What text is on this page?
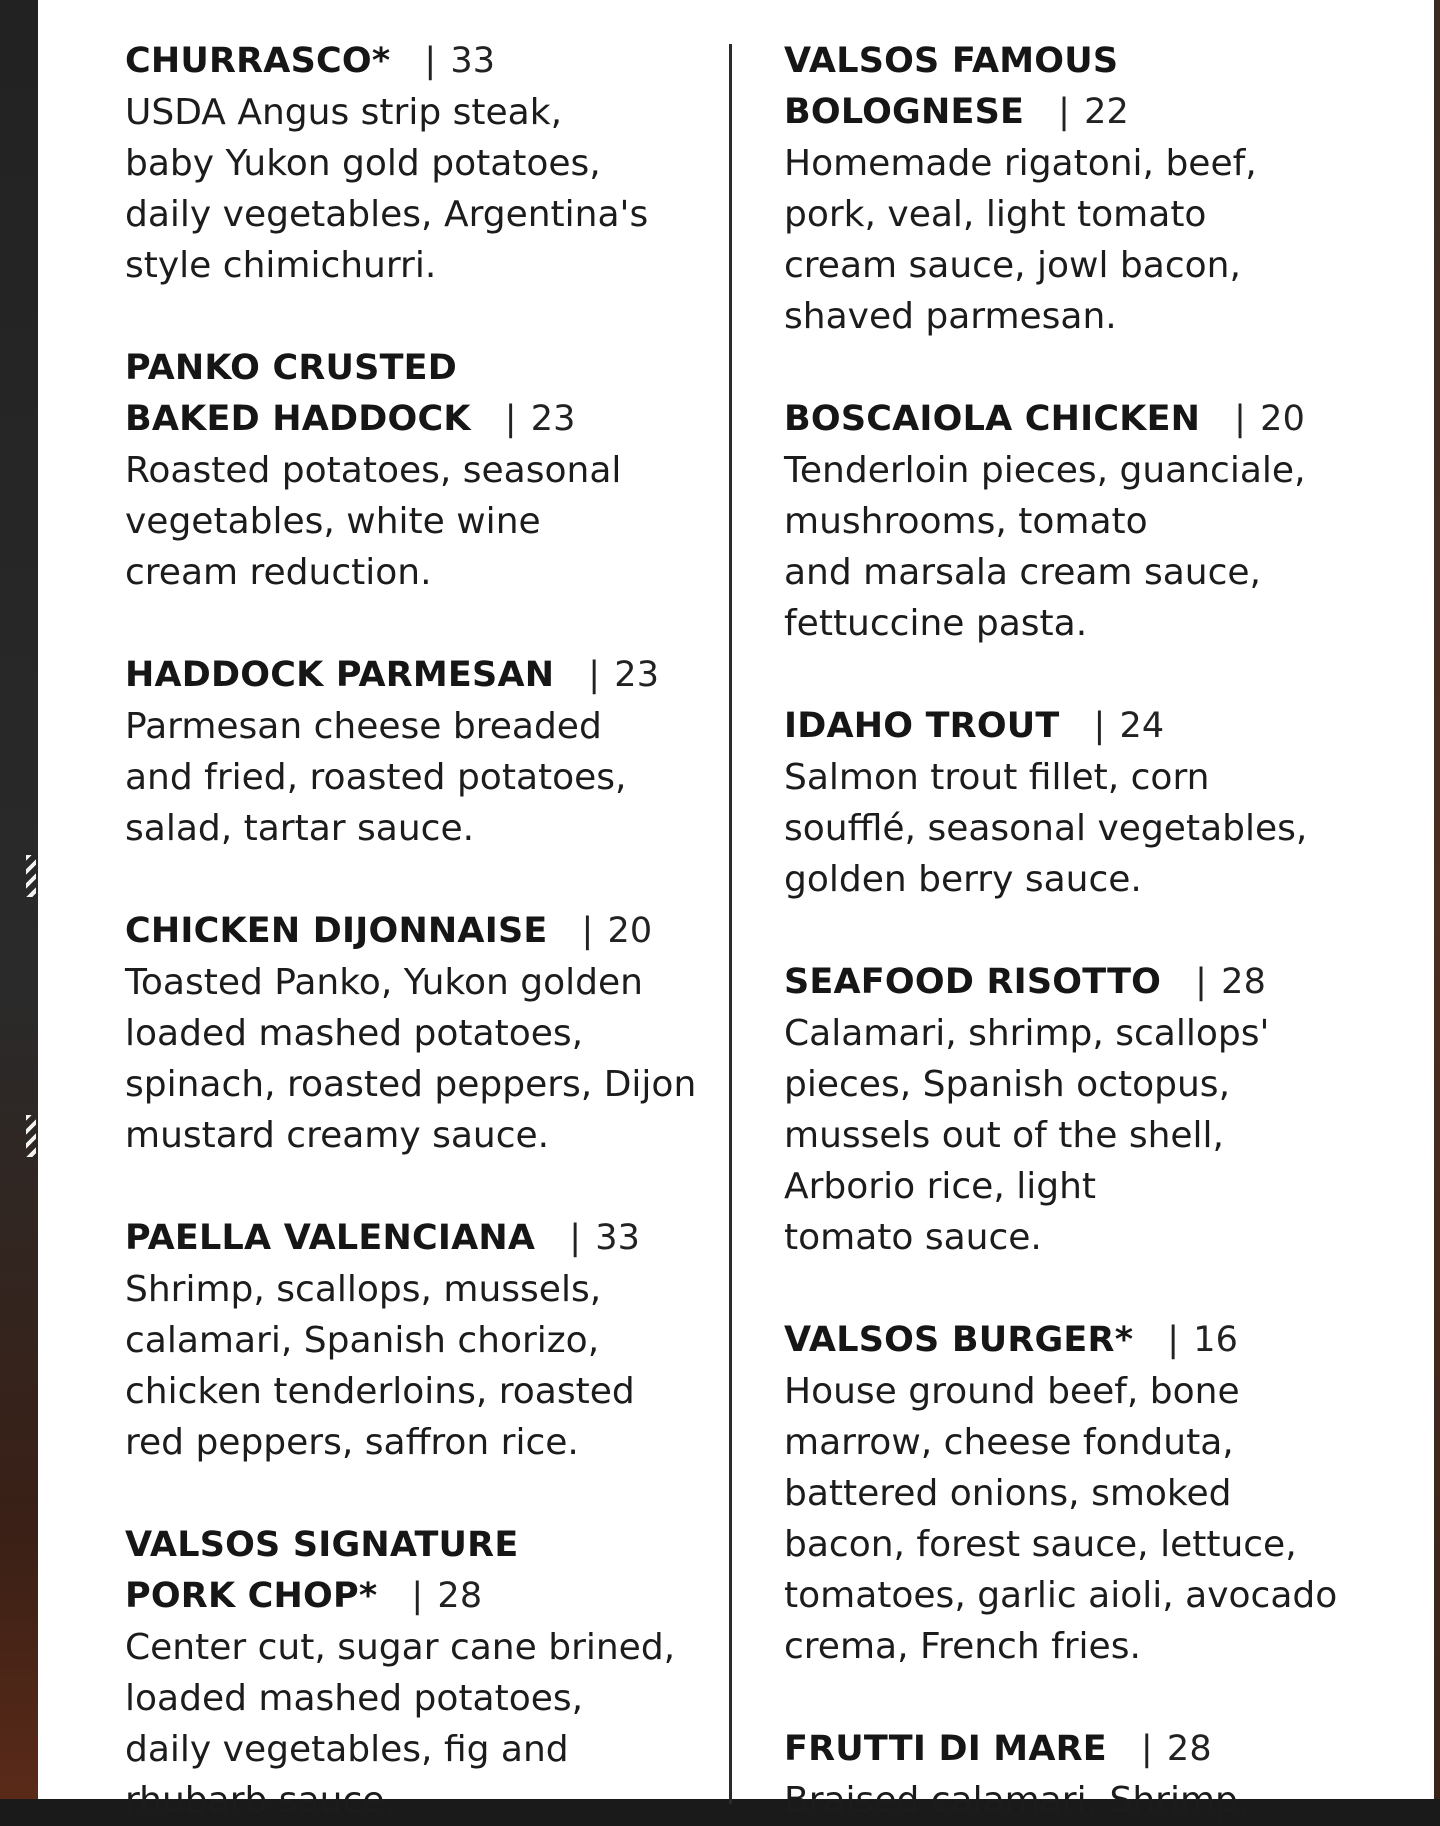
CHURRASCO* | 33
USDA Angus strip steak,
baby Yukon gold potatoes,
daily vegetables, Argentina's
style chimichurri.
PANKO CRUSTED
BAKED HADDOCK | 23
Roasted potatoes, seasonal
vegetables, white wine
cream reduction.
HADDOCK PARMESAN | 23
Parmesan cheese breaded
and fried, roasted potatoes,
salad, tartar sauce.
CHICKEN DIJONNAISE | 20
Toasted Panko, Yukon golden
loaded mashed potatoes,
spinach, roasted peppers, Dijon
mustard creamy sauce.
PAELLA VALENCIANA | 33
Shrimp, scallops, mussels,
calamari, Spanish chorizo,
chicken tenderloins, roasted
red peppers, saffron rice.
VALSOS SIGNATURE
PORK CHOP* | 28
Center cut, sugar cane brined,
loaded mashed potatoes,
daily vegetables, fig and
rhubarb sauce.
VALSOS FAMOUS
BOLOGNESE | 22
Homemade rigatoni, beef,
pork, veal, light tomato
cream sauce, jowl bacon,
shaved parmesan.
BOSCAIOLA CHICKEN | 20
Tenderloin pieces, guanciale,
mushrooms, tomato
and marsala cream sauce,
fettuccine pasta.
IDAHO TROUT | 24
Salmon trout fillet, corn
soufflé, seasonal vegetables,
golden berry sauce.
SEAFOOD RISOTTO | 28
Calamari, shrimp, scallops'
pieces, Spanish octopus,
mussels out of the shell,
Arborio rice, light
tomato sauce.
VALSOS BURGER* | 16
House ground beef, bone
marrow, cheese fonduta,
battered onions, smoked
bacon, forest sauce, lettuce,
tomatoes, garlic aioli, avocado
crema, French fries.
FRUTTI DI MARE | 28
Braised calamari, Shrimp,
